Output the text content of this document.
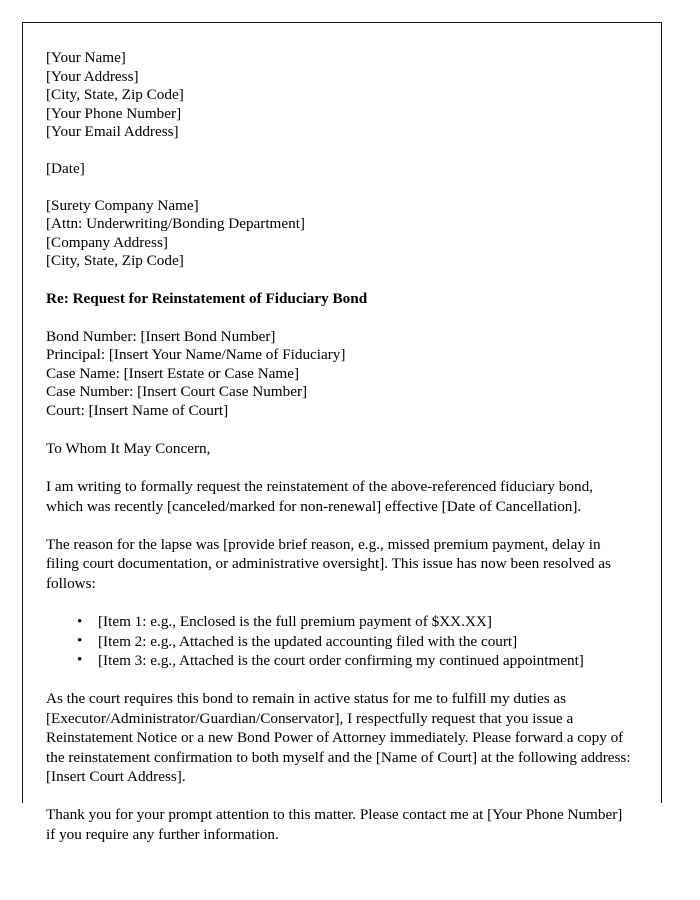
[Your Name]
[Your Address]
[City, State, Zip Code]
[Your Phone Number]
[Your Email Address]
[Date]
[Surety Company Name]
[Attn: Underwriting/Bonding Department]
[Company Address]
[City, State, Zip Code]
Re: Request for Reinstatement of Fiduciary Bond
Bond Number: [Insert Bond Number]
Principal: [Insert Your Name/Name of Fiduciary]
Case Name: [Insert Estate or Case Name]
Case Number: [Insert Court Case Number]
Court: [Insert Name of Court]
To Whom It May Concern,

I am writing to formally request the reinstatement of the above-referenced fiduciary bond, which was recently [canceled/marked for non-renewal] effective [Date of Cancellation].

The reason for the lapse was [provide brief reason, e.g., missed premium payment, delay in filing court documentation, or administrative oversight]. This issue has now been resolved as follows:

• [Item 1: e.g., Enclosed is the full premium payment of $XX.XX]
• [Item 2: e.g., Attached is the updated accounting filed with the court]
• [Item 3: e.g., Attached is the court order confirming my continued appointment]

As the court requires this bond to remain in active status for me to fulfill my duties as [Executor/Administrator/Guardian/Conservator], I respectfully request that you issue a Reinstatement Notice or a new Bond Power of Attorney immediately. Please forward a copy of the reinstatement confirmation to both myself and the [Name of Court] at the following address: [Insert Court Address].

Thank you for your prompt attention to this matter. Please contact me at [Your Phone Number] if you require any further information.
